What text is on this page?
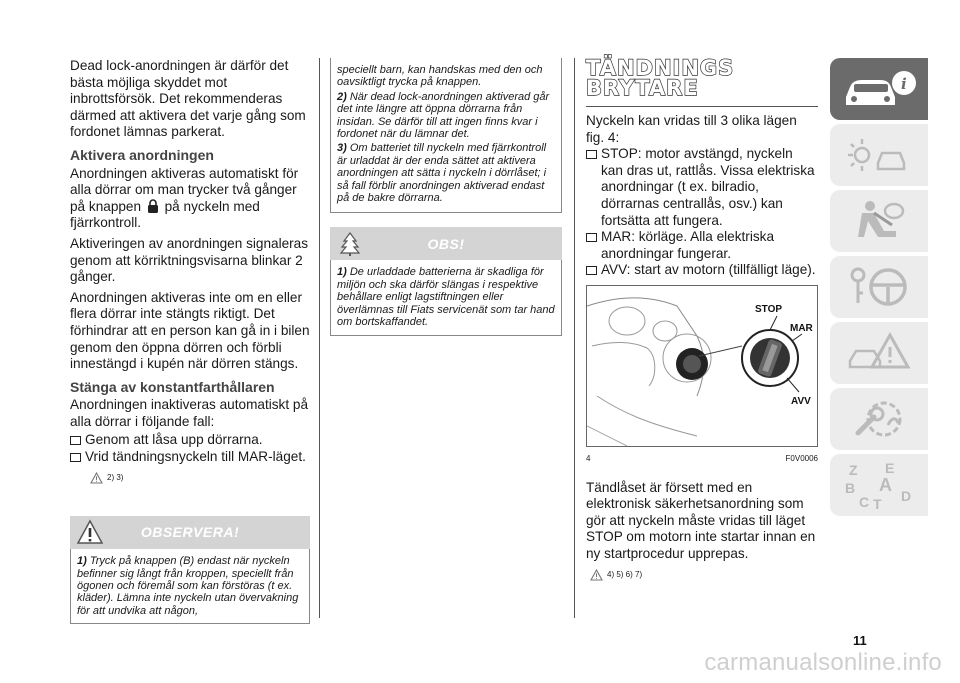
Dead lock-anordningen är därför det bästa möjliga skyddet mot inbrottsförsök. Det rekommenderas därmed att aktivera det varje gång som fordonet lämnas parkerat.

Aktivera anordningen

Anordningen aktiveras automatiskt för alla dörrar om man trycker två gånger på knappen på nyckeln med fjärrkontroll.

Aktiveringen av anordningen signaleras genom att körriktningsvisarna blinkar 2 gånger.

Anordningen aktiveras inte om en eller flera dörrar inte stängts riktigt. Det förhindrar att en person kan gå in i bilen genom den öppna dörren och förbli innestängd i kupén när dörren stängs.

Stänga av konstantfarthållaren

Anordningen inaktiveras automatiskt på alla dörrar i följande fall:

Genom att låsa upp dörrarna.
Vrid tändningsnyckeln till MAR-läget.
2) 3)
OBSERVERA!
1) Tryck på knappen (B) endast när nyckeln befinner sig långt från kroppen, speciellt från ögonen och föremål som kan förstöras (t ex. kläder). Lämna inte nyckeln utan övervakning för att undvika att någon,

speciellt barn, kan handskas med den och oavsiktligt trycka på knappen.

2) När dead lock-anordningen aktiverad går det inte längre att öppna dörrarna från insidan. Se därför till att ingen finns kvar i fordonet när du lämnar det.

3) Om batteriet till nyckeln med fjärrkontroll är urladdat är der enda sättet att aktivera anordningen att sätta i nyckeln i dörrlåset; i så fall förblir anordningen aktiverad endast på de bakre dörrarna.

OBS!
1) De urladdade batterierna är skadliga för miljön och ska därför slängas i respektive behållare enligt lagstiftningen eller överlämnas till Fiats servicenät som tar hand om bortskaffandet.
TÄNDNINGS
BRYTARE

Nyckeln kan vridas till 3 olika lägen fig. 4:

STOP: motor avstängd, nyckeln kan dras ut, rattlås. Vissa elektriska anordningar (t ex. bilradio, dörrarnas centrallås, osv.) kan fortsätta att fungera.
MAR: körläge. Alla elektriska anordningar fungerar.
AVV: start av motorn (tillfälligt läge).
STOP
MAR
AVV
4	F0V0006

Tändlåset är försett med en elektronisk säkerhetsanordning som gör att nyckeln måste vridas till läget STOP om motorn inte startar innan en ny startprocedur upprepas.

4) 5) 6) 7)
i
Z E
B A
C T D
11
carmanualsonline.info
